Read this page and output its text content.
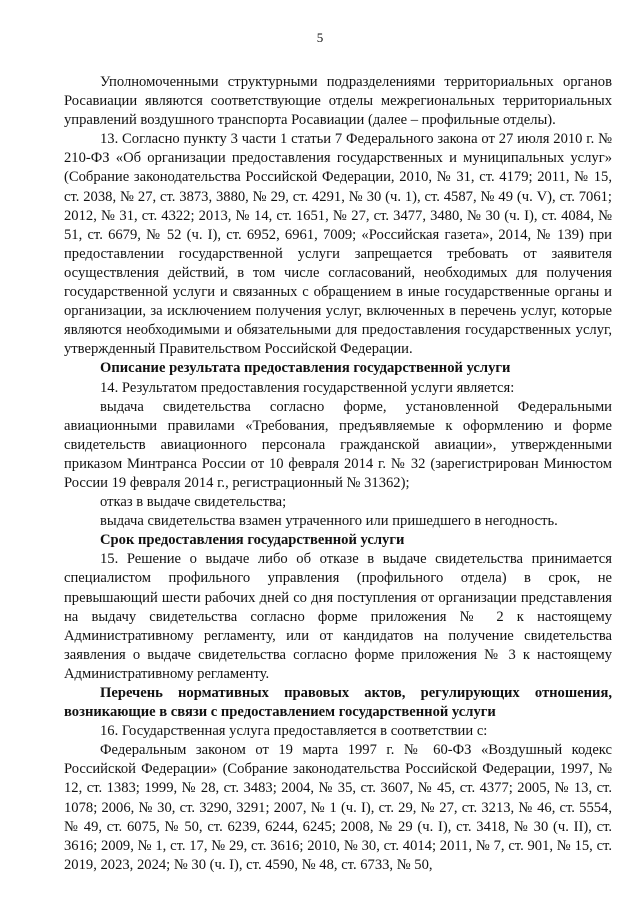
5

Уполномоченными структурными подразделениями территориальных органов Росавиации являются соответствующие отделы межрегиональных территориальных управлений воздушного транспорта Росавиации (далее – профильные отделы).

13. Согласно пункту 3 части 1 статьи 7 Федерального закона от 27 июля 2010 г. № 210-ФЗ «Об организации предоставления государственных и муниципальных услуг» (Собрание законодательства Российской Федерации, 2010, № 31, ст. 4179; 2011, № 15, ст. 2038, № 27, ст. 3873, 3880, № 29, ст. 4291, № 30 (ч. 1), ст. 4587, № 49 (ч. V), ст. 7061; 2012, № 31, ст. 4322; 2013, № 14, ст. 1651, № 27, ст. 3477, 3480, № 30 (ч. I), ст. 4084, № 51, ст. 6679, № 52 (ч. I), ст. 6952, 6961, 7009; «Российская газета», 2014, № 139) при предоставлении государственной услуги запрещается требовать от заявителя осуществления действий, в том числе согласований, необходимых для получения государственной услуги и связанных с обращением в иные государственные органы и организации, за исключением получения услуг, включенных в перечень услуг, которые являются необходимыми и обязательными для предоставления государственных услуг, утвержденный Правительством Российской Федерации.

Описание результата предоставления государственной услуги

14. Результатом предоставления государственной услуги является:

выдача свидетельства согласно форме, установленной Федеральными авиационными правилами «Требования, предъявляемые к оформлению и форме свидетельств авиационного персонала гражданской авиации», утвержденными приказом Минтранса России от 10 февраля 2014 г. № 32 (зарегистрирован Минюстом России 19 февраля 2014 г., регистрационный № 31362);

отказ в выдаче свидетельства;

выдача свидетельства взамен утраченного или пришедшего в негодность.

Срок предоставления государственной услуги

15. Решение о выдаче либо об отказе в выдаче свидетельства принимается специалистом профильного управления (профильного отдела) в срок, не превышающий шести рабочих дней со дня поступления от организации представления на выдачу свидетельства согласно форме приложения № 2 к настоящему Административному регламенту, или от кандидатов на получение свидетельства заявления о выдаче свидетельства согласно форме приложения № 3 к настоящему Административному регламенту.

Перечень нормативных правовых актов, регулирующих отношения, возникающие в связи с предоставлением государственной услуги

16. Государственная услуга предоставляется в соответствии с:

Федеральным законом от 19 марта 1997 г. № 60-ФЗ «Воздушный кодекс Российской Федерации» (Собрание законодательства Российской Федерации, 1997, № 12, ст. 1383; 1999, № 28, ст. 3483; 2004, № 35, ст. 3607, № 45, ст. 4377; 2005, № 13, ст. 1078; 2006, № 30, ст. 3290, 3291; 2007, № 1 (ч. I), ст. 29, № 27, ст. 3213, № 46, ст. 5554, № 49, ст. 6075, № 50, ст. 6239, 6244, 6245; 2008, № 29 (ч. I), ст. 3418, № 30 (ч. II), ст. 3616; 2009, № 1, ст. 17, № 29, ст. 3616; 2010, № 30, ст. 4014; 2011, № 7, ст. 901, № 15, ст. 2019, 2023, 2024; № 30 (ч. I), ст. 4590, № 48, ст. 6733, № 50,
